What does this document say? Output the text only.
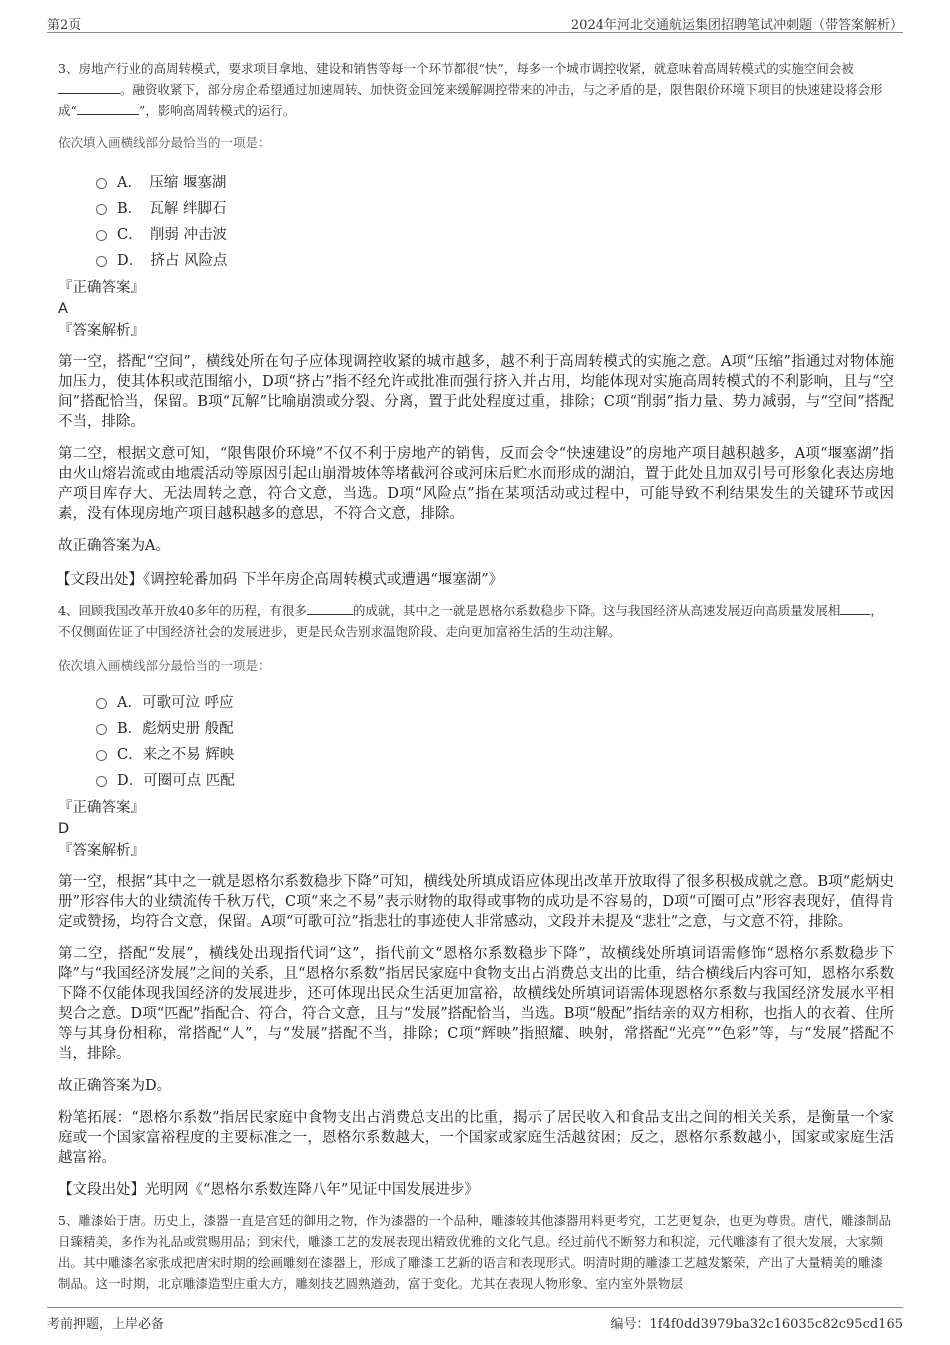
第2页	2024年河北交通航运集团招聘笔试冲刺题（带答案解析）

3、房地产行业的高周转模式，要求项目拿地、建设和销售等每一个环节都很“快”，每多一个城市调控收紧，就意味着高周转模式的实施空间会被。融资收紧下，部分房企希望通过加速周转、加快资金回笼来缓解调控带来的冲击，与之矛盾的是，限售限价环境下项目的快速建设将会形成“	”，影响高周转模式的运行。

依次填入画横线部分最恰当的一项是：

A．　压缩 堰塞湖
B．　瓦解 绊脚石
C．　削弱 冲击波
D．　挤占 风险点

『正确答案』

A

『答案解析』

第一空，搭配“空间”，横线处所在句子应体现调控收紧的城市越多，越不利于高周转模式的实施之意。A项“压缩”指通过对物体施加压力，使其体积或范围缩小，D项“挤占”指不经允许或批准而强行挤入并占用，均能体现对实施高周转模式的不利影响，且与“空间”搭配恰当，保留。B项“瓦解”比喻崩溃或分裂、分离，置于此处程度过重，排除；C项“削弱”指力量、势力减弱，与“空间”搭配不当，排除。

第二空，根据文意可知，“限售限价环境”不仅不利于房地产的销售，反而会令“快速建设”的房地产项目越积越多，A项“堰塞湖”指由火山熔岩流或由地震活动等原因引起山崩滑坡体等堵截河谷或河床后贮水而形成的湖泊，置于此处且加双引号可形象化表达房地产项目库存大、无法周转之意，符合文意，当选。D项“风险点”指在某项活动或过程中，可能导致不利结果发生的关键环节或因素，没有体现房地产项目越积越多的意思，不符合文意，排除。

故正确答案为A。

【文段出处】《调控轮番加码 下半年房企高周转模式或遭遇“堰塞湖”》

4、回顾我国改革开放40多年的历程，有很多	的成就，其中之一就是恩格尔系数稳步下降。这与我国经济从高速发展迈向高质量发展相 ，不仅侧面佐证了中国经济社会的发展进步，更是民众告别求温饱阶段、走向更加富裕生活的生动注解。

依次填入画横线部分最恰当的一项是：

A．可歌可泣 呼应
B．彪炳史册 般配
C．来之不易 辉映
D．可圈可点 匹配

『正确答案』

D

『答案解析』

第一空，根据“其中之一就是恩格尔系数稳步下降”可知，横线处所填成语应体现出改革开放取得了很多积极成就之意。B项“彪炳史册”形容伟大的业绩流传千秋万代，C项“来之不易”表示财物的取得或事物的成功是不容易的，D项“可圈可点”形容表现好，值得肯定或赞扬，均符合文意，保留。A项“可歌可泣”指悲壮的事迹使人非常感动，文段并未提及“悲壮”之意，与文意不符，排除。

第二空，搭配“发展”，横线处出现指代词“这”，指代前文“恩格尔系数稳步下降”，故横线处所填词语需修饰“恩格尔系数稳步下降”与“我国经济发展”之间的关系，且“恩格尔系数”指居民家庭中食物支出占消费总支出的比重，结合横线后内容可知，恩格尔系数下降不仅能体现我国经济的发展进步，还可体现出民众生活更加富裕，故横线处所填词语需体现恩格尔系数与我国经济发展水平相契合之意。D项“匹配”指配合、符合，符合文意，且与“发展”搭配恰当，当选。B项“般配”指结亲的双方相称，也指人的衣着、住所等与其身份相称，常搭配“人”，与“发展”搭配不当，排除；C项“辉映”指照耀、映射，常搭配“光亮”“色彩”等，与“发展”搭配不当，排除。

故正确答案为D。

粉笔拓展：“恩格尔系数”指居民家庭中食物支出占消费总支出的比重，揭示了居民收入和食品支出之间的相关关系，是衡量一个家庭或一个国家富裕程度的主要标准之一，恩格尔系数越大，一个国家或家庭生活越贫困；反之，恩格尔系数越小，国家或家庭生活越富裕。

【文段出处】光明网《“恩格尔系数连降八年”见证中国发展进步》

5、雕漆始于唐。历史上，漆器一直是宫廷的御用之物，作为漆器的一个品种，雕漆较其他漆器用料更考究，工艺更复杂，也更为尊贵。唐代，雕漆制品日臻精美，多作为礼品或赏赐用品；到宋代，雕漆工艺的发展表现出精致优雅的文化气息。经过前代不断努力和积淀，元代雕漆有了很大发展，大家频出。其中雕漆名家张成把唐宋时期的绘画雕刻在漆器上，形成了雕漆工艺新的语言和表现形式。明清时期的雕漆工艺越发繁荣，产出了大量精美的雕漆制品。这一时期，北京雕漆造型庄重大方，雕刻技艺圆熟遒劲，富于变化。尤其在表现人物形象、室内室外景物层

考前押题，上岸必备	编号：1f4f0dd3979ba32c16035c82c95cd165
